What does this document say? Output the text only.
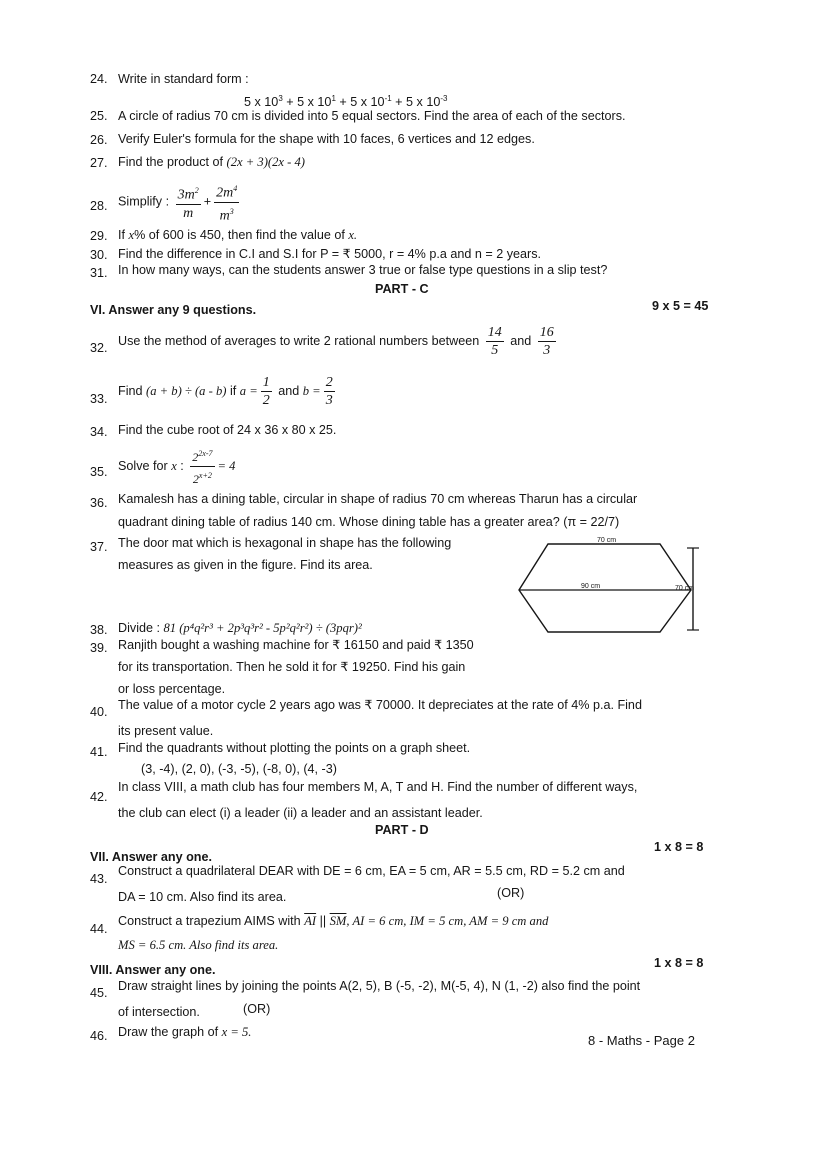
24. Write in standard form :
5 x $10^3 + 5$ x $10^1 + 5$ x $10^{-1} + 5$ x $10^{-3}$
25. A circle of radius 70 cm is divided into 5 equal sectors. Find the area of each of the sectors.
26. Verify Euler's formula for the shape with 10 faces, 6 vertices and 12 edges.
27. Find the product of (2x + 3)(2x - 4)
28. Simplify : $\frac{3m^2}{m} + \frac{2m^4}{m^3}$
29. If x% of 600 is 450, then find the value of x.
30. Find the difference in C.I and S.I for P = ₹ 5000, r = 4% p.a and n = 2 years.
31. In how many ways, can the students answer 3 true or false type questions in a slip test?
PART - C
VI. Answer any 9 questions.	9 x 5 = 45
32. Use the method of averages to write 2 rational numbers between $\frac{14}{5}$ and $\frac{16}{3}$
33.
Find (a + b) ÷ (a - b) if $a = \frac{1}{2}$ and $b = \frac{2}{3}$
34. Find the cube root of 24 x 36 x 80 x 25.
35. Solve for x : $\frac{2^{2x-7}}{2^{x+2}} = 4$
36. Kamalesh has a dining table, circular in shape of radius 70 cm whereas Tharun has a circular
quadrant dining table of radius 140 cm. Whose dining table has a greater area? (π = 22/7)
37. The door mat which is hexagonal in shape has the following
measures as given in the figure. Find its area.
70 cm
90 cm	70 cm
38. Divide : 81 (p⁴q²r³ + 2p³q³r² - 5p²q²r²) ÷ (3pqr)²
39. Ranjith bought a washing machine for ₹ 16150 and paid ₹ 1350
for its transportation. Then he sold it for ₹ 19250. Find his gain
or loss percentage.
40. The value of a motor cycle 2 years ago was ₹ 70000. It depreciates at the rate of 4% p.a. Find
its present value.
41. Find the quadrants without plotting the points on a graph sheet.
(3, -4), (2, 0), (-3, -5), (-8, 0), (4, -3)
42.
In class VIII, a math club has four members M, A, T and H. Find the number of different ways,
the club can elect (i) a leader (ii) a leader and an assistant leader.
PART - D
1 x 8 = 8
VII. Answer any one.
43.
Construct a quadrilateral DEAR with DE = 6 cm, EA = 5 cm, AR = 5.5 cm, RD = 5.2 cm and
DA = 10 cm. Also find its area.	(OR)
44.
Construct a trapezium AIMS with $\overline{AI}$ || $\overline{SM}$, AI = 6 cm, IM = 5 cm, AM = 9 cm and
MS = 6.5 cm. Also find its area.
VIII. Answer any one.	1 x 8 = 8
45. Draw straight lines by joining the points A(2, 5), B (-5, -2), M(-5, 4), N (1, -2) also find the point
of intersection.	(OR)
46. Draw the graph of x = 5.
8 - Maths - Page 2
